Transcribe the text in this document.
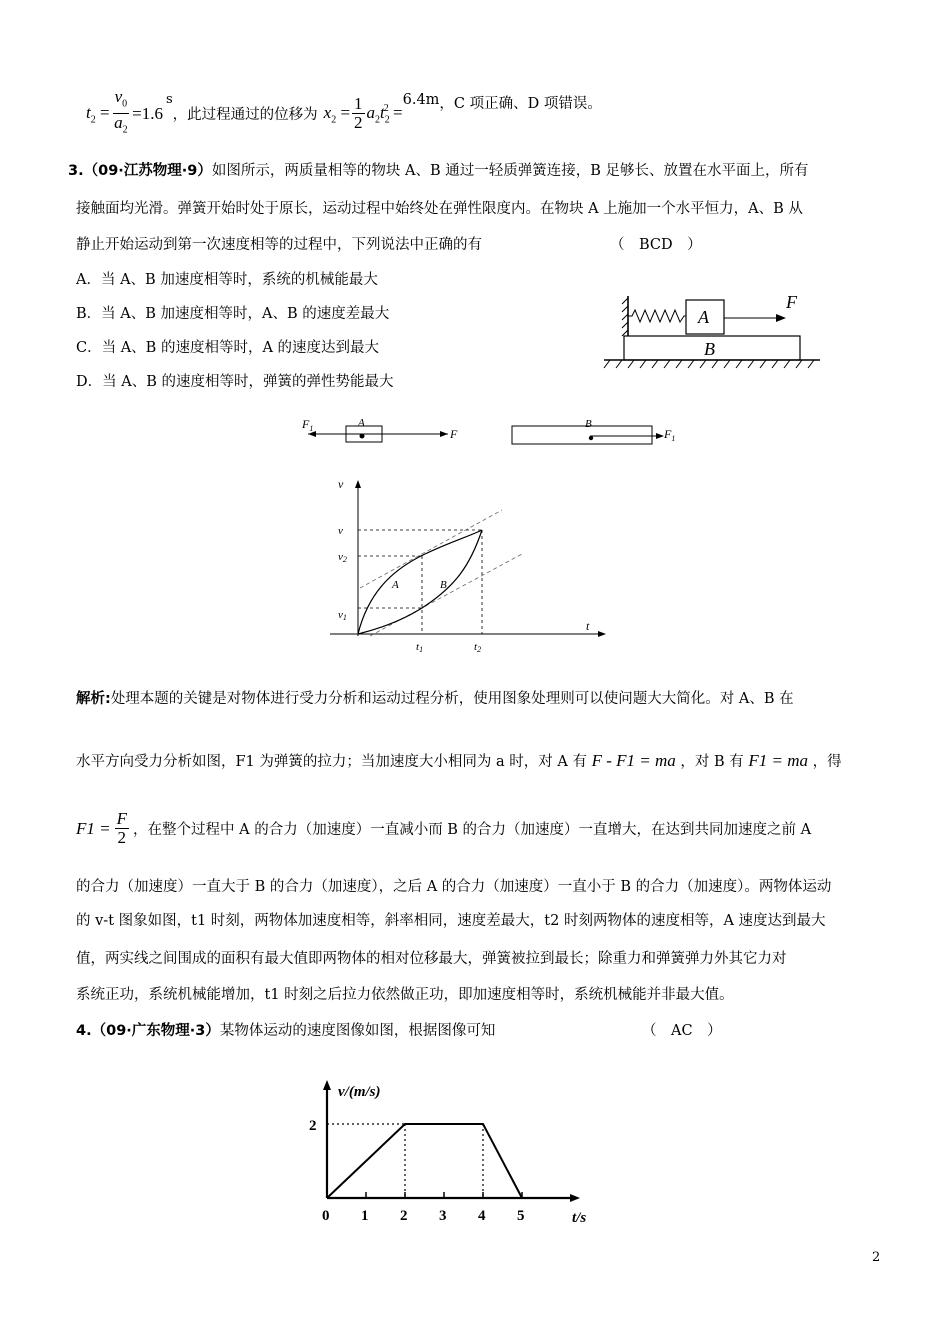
$t_2 = \frac{v_0}{a_2} =1.6$
s
，此过程通过的位移为 $x_2 = \frac{1}{2} a_2t_2^2$ =
6.4m ，C 项正确、D 项错误。
3.（09·江苏物理·9）如图所示，两质量相等的物块 A、B 通过一轻质弹簧连接，B 足够长、放置在水平面上，所有
接触面均光滑。弹簧开始时处于原长，运动过程中始终处在弹性限度内。在物块 A 上施加一个水平恒力，A、B 从
静止开始运动到第一次速度相等的过程中，下列说法中正确的有	（　BCD　）
A．当 A、B 加速度相等时，系统的机械能最大
B．当 A、B 加速度相等时，A、B 的速度差最大
C．当 A、B 的速度相等时，A 的速度达到最大
D．当 A、B 的速度相等时，弹簧的弹性势能最大
A
F
B
$F_1$	A
F
B
$F_1$
v
t
v
v2
v1
t1	t2
A	B
解析:处理本题的关键是对物体进行受力分析和运动过程分析，使用图象处理则可以使问题大大简化。对 A、B 在
水平方向受力分析如图，F1 为弹簧的拉力；当加速度大小相同为 a 时，对 A 有 F - F1 = ma ，对 B 有 F1 = ma ，得
$F1 = \frac{F}{2}$ ，在整个过程中 A 的合力（加速度）一直减小而 B 的合力（加速度）一直增大，在达到共同加速度之前 A
的合力（加速度）一直大于 B 的合力（加速度），之后 A 的合力（加速度）一直小于 B 的合力（加速度）。两物体运动
的 v-t 图象如图，t1 时刻，两物体加速度相等，斜率相同，速度差最大，t2 时刻两物体的速度相等，A 速度达到最大
值，两实线之间围成的面积有最大值即两物体的相对位移最大，弹簧被拉到最长；除重力和弹簧弹力外其它力对
系统正功，系统机械能增加，t1 时刻之后拉力依然做正功，即加速度相等时，系统机械能并非最大值。
4.（09·广东物理·3）某物体运动的速度图像如图，根据图像可知	（　AC　）
v/(m/s)
t/s
0 1 2 3 4 5
2
2
